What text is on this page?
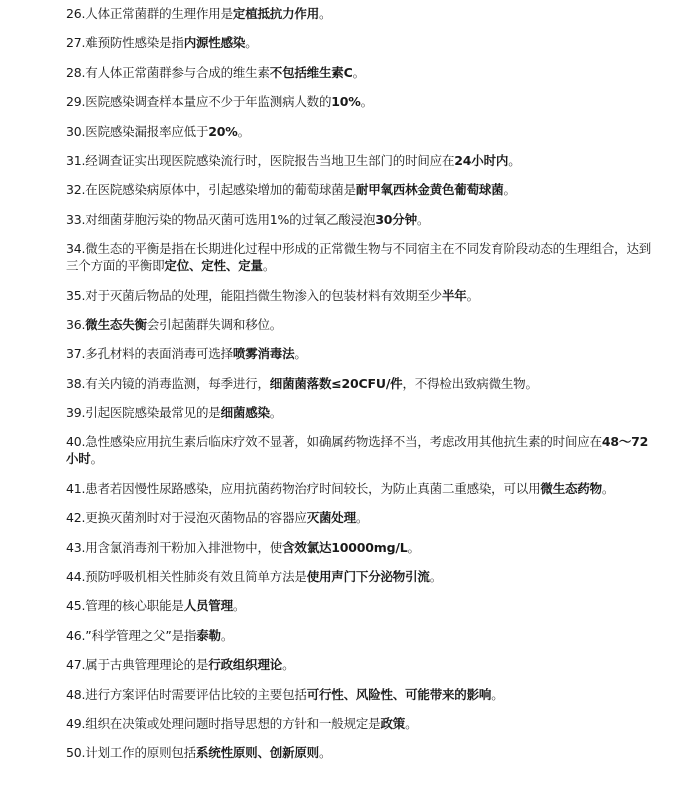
26.人体正常菌群的生理作用是定植抵抗力作用。
27.难预防性感染是指内源性感染。
28.有人体正常菌群参与合成的维生素不包括维生素C。
29.医院感染调查样本量应不少于年监测病人数的10%。
30.医院感染漏报率应低于20%。
31.经调查证实出现医院感染流行时，医院报告当地卫生部门的时间应在24小时内。
32.在医院感染病原体中，引起感染增加的葡萄球菌是耐甲氧西林金黄色葡萄球菌。
33.对细菌芽胞污染的物品灭菌可选用1%的过氧乙酸浸泡30分钟。
34.微生态的平衡是指在长期进化过程中形成的正常微生物与不同宿主在不同发育阶段动态的生理组合，达到三个方面的平衡即定位、定性、定量。
35.对于灭菌后物品的处理，能阻挡微生物渗入的包装材料有效期至少半年。
36.微生态失衡会引起菌群失调和移位。
37.多孔材料的表面消毒可选择喷雾消毒法。
38.有关内镜的消毒监测，每季进行，细菌菌落数≤20CFU/件，不得检出致病微生物。
39.引起医院感染最常见的是细菌感染。
40.急性感染应用抗生素后临床疗效不显著，如确属药物选择不当，考虑改用其他抗生素的时间应在48～72小时。
41.患者若因慢性尿路感染，应用抗菌药物治疗时间较长，为防止真菌二重感染，可以用微生态药物。
42.更换灭菌剂时对于浸泡灭菌物品的容器应灭菌处理。
43.用含氯消毒剂干粉加入排泄物中，使含效氯达10000mg/L。
44.预防呼吸机相关性肺炎有效且简单方法是使用声门下分泌物引流。
45.管理的核心职能是人员管理。
46.”科学管理之父”是指泰勒。
47.属于古典管理理论的是行政组织理论。
48.进行方案评估时需要评估比较的主要包括可行性、风险性、可能带来的影响。
49.组织在决策或处理问题时指导思想的方针和一般规定是政策。
50.计划工作的原则包括系统性原则、创新原则。
